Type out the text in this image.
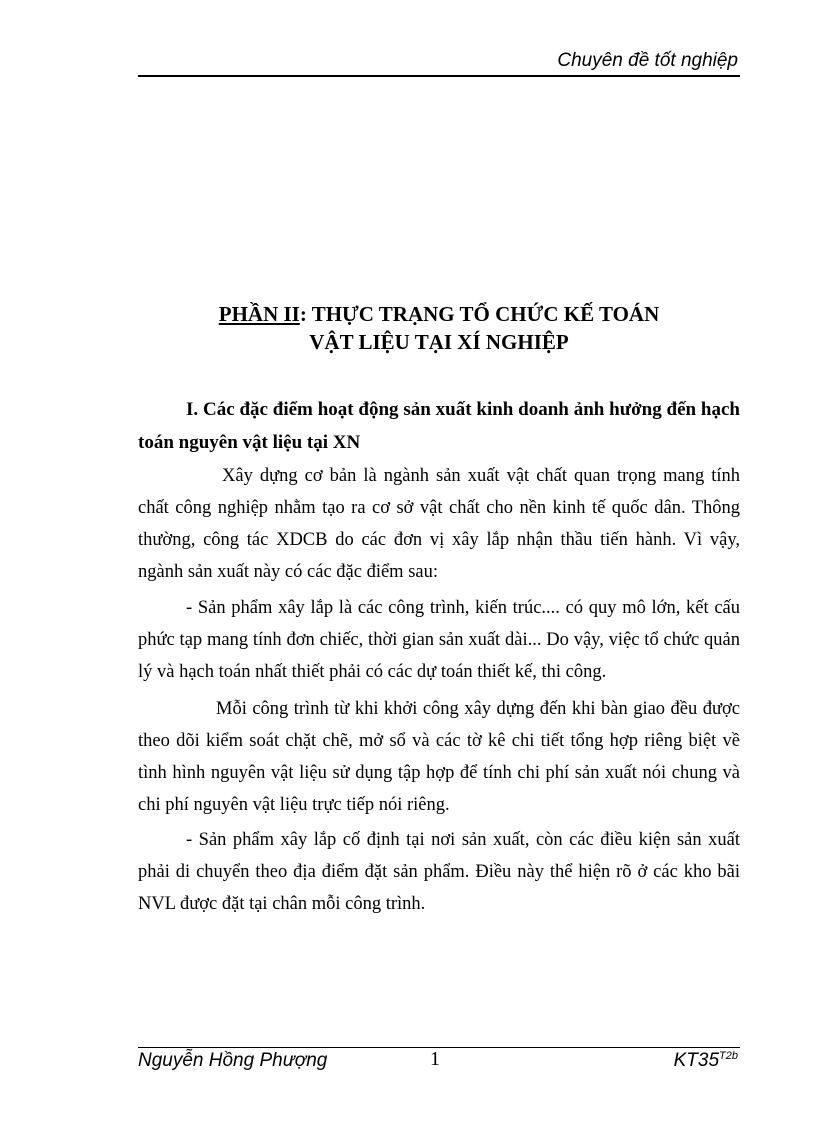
Chuyên đề tốt nghiệp
PHẦN II: THỰC TRẠNG TỔ CHỨC KẾ TOÁN
VẬT LIỆU TẠI XÍ NGHIỆP
I. Các đặc điểm hoạt động sản xuất kinh doanh ảnh hưởng đến hạch toán nguyên vật liệu tại XN
Xây dựng cơ bản là ngành sản xuất vật chất quan trọng mang tính chất công nghiệp nhằm tạo ra cơ sở vật chất cho nền kinh tế quốc dân. Thông thường, công tác XDCB do các đơn vị xây lắp nhận thầu tiến hành. Vì vậy, ngành sản xuất này có các đặc điểm sau:
- Sản phẩm xây lắp là các công trình, kiến trúc.... có quy mô lớn, kết cấu phức tạp mang tính đơn chiếc, thời gian sản xuất dài... Do vậy, việc tổ chức quản lý và hạch toán nhất thiết phải có các dự toán thiết kế, thi công.
Mỗi công trình từ khi khởi công xây dựng đến khi bàn giao đều được theo dõi kiểm soát chặt chẽ, mở sổ và các tờ kê chi tiết tổng hợp riêng biệt về tình hình nguyên vật liệu sử dụng tập hợp để tính chi phí sản xuất nói chung và chi phí nguyên vật liệu trực tiếp nói riêng.
- Sản phẩm xây lắp cố định tại nơi sản xuất, còn các điều kiện sản xuất phải di chuyển theo địa điểm đặt sản phẩm. Điều này thể hiện rõ ở các kho bãi NVL được đặt tại chân mỗi công trình.
Nguyễn Hồng Phượng	1	$KT35^{T2b}$
